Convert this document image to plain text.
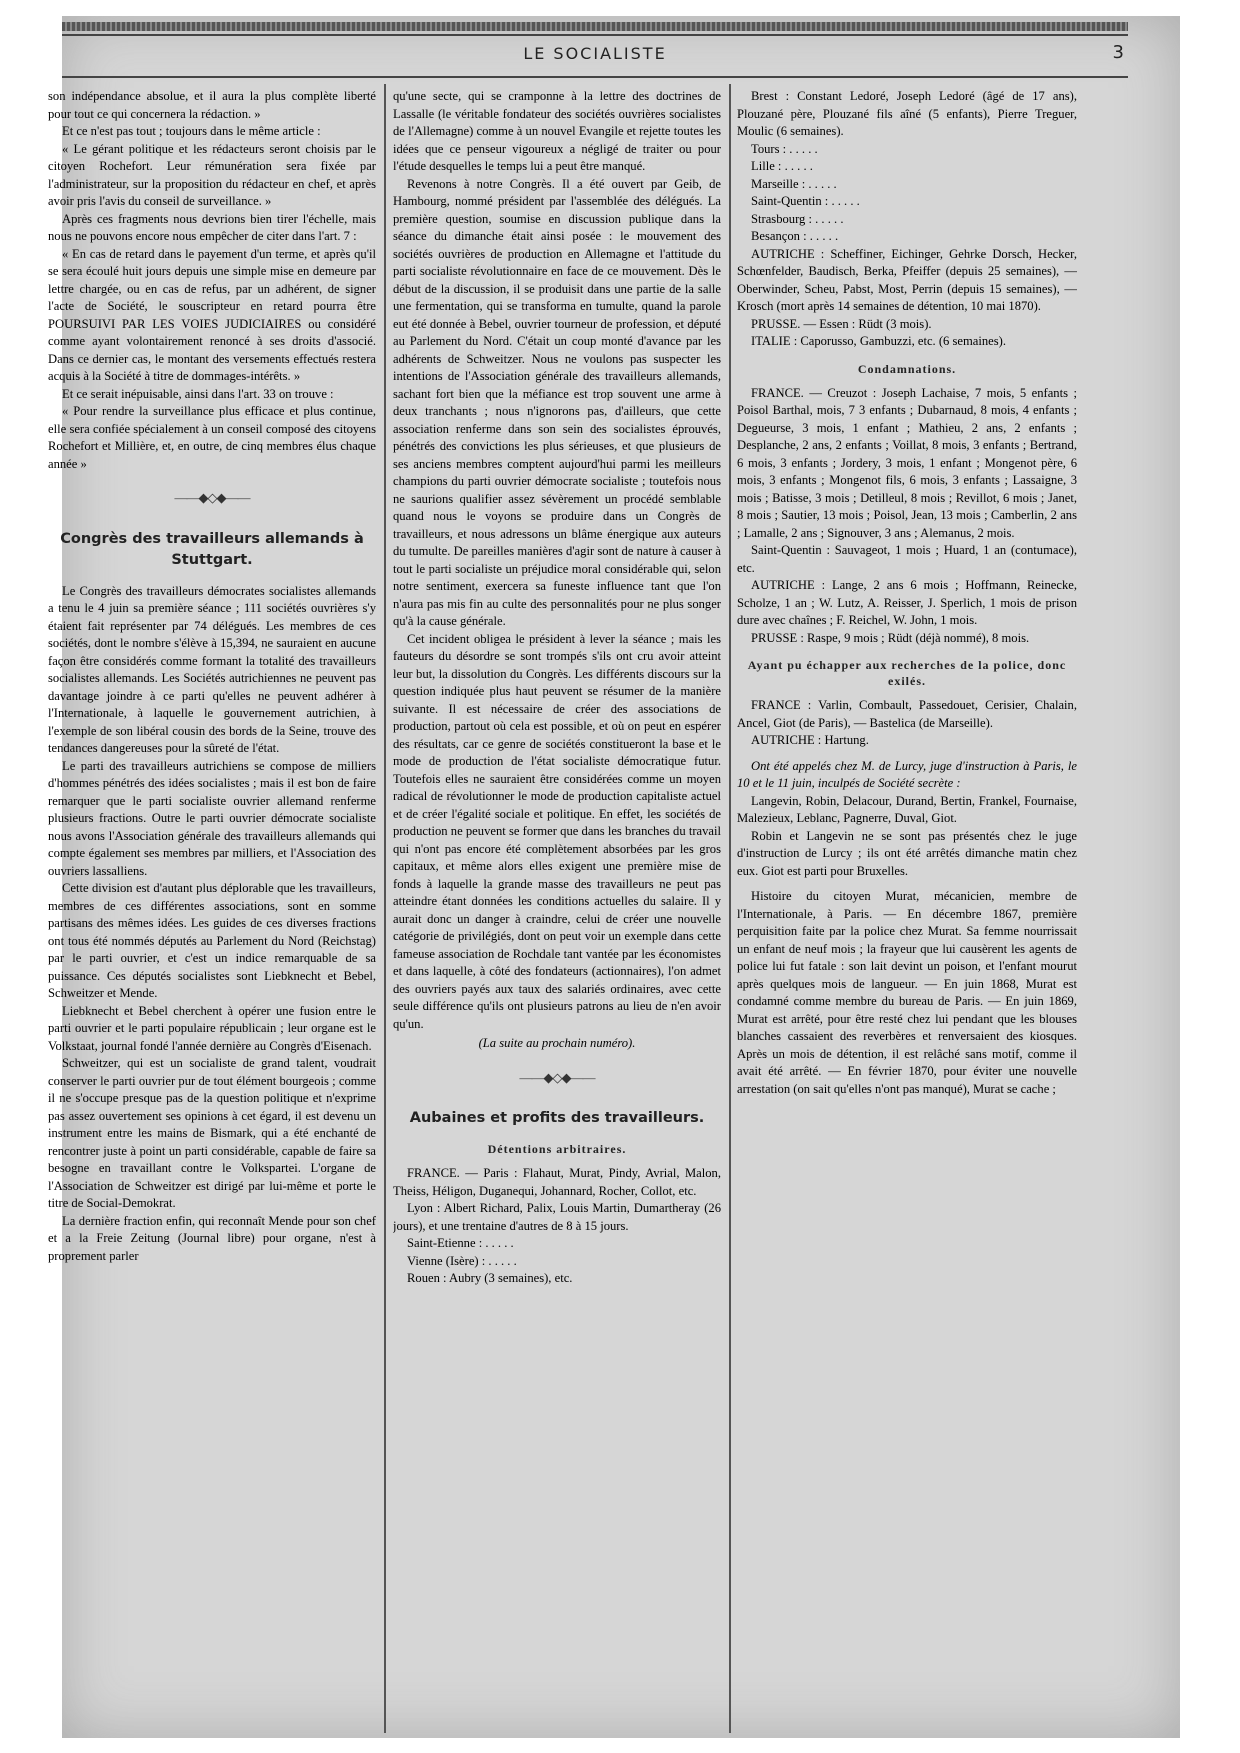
LE SOCIALISTE	3

son indépendance absolue, et il aura la plus complète liberté pour tout ce qui concernera la rédaction. »

Et ce n'est pas tout ; toujours dans le même article :

« Le gérant politique et les rédacteurs seront choisis par le citoyen Rochefort. Leur rémunération sera fixée par l'administrateur, sur la proposition du rédacteur en chef, et après avoir pris l'avis du conseil de surveillance. »

Après ces fragments nous devrions bien tirer l'échelle, mais nous ne pouvons encore nous empêcher de citer dans l'art. 7 :

« En cas de retard dans le payement d'un terme, et après qu'il se sera écoulé huit jours depuis une simple mise en demeure par lettre chargée, ou en cas de refus, par un adhérent, de signer l'acte de Société, le souscripteur en retard pourra être POURSUIVI PAR LES VOIES JUDICIAIRES ou considéré comme ayant volontairement renoncé à ses droits d'associé. Dans ce dernier cas, le montant des versements effectués restera acquis à la Société à titre de dommages-intérêts. »

Et ce serait inépuisable, ainsi dans l'art. 33 on trouve :

« Pour rendre la surveillance plus efficace et plus continue, elle sera confiée spécialement à un conseil composé des citoyens Rochefort et Millière, et, en outre, de cinq membres élus chaque année »

——◆◇◆——
Congrès des travailleurs allemands à Stuttgart.

Le Congrès des travailleurs démocrates socialistes allemands a tenu le 4 juin sa première séance ; 111 sociétés ouvrières s'y étaient fait représenter par 74 délégués. Les membres de ces sociétés, dont le nombre s'élève à 15,394, ne sauraient en aucune façon être considérés comme formant la totalité des travailleurs socialistes allemands. Les Sociétés autrichiennes ne peuvent pas davantage joindre à ce parti qu'elles ne peuvent adhérer à l'Internationale, à laquelle le gouvernement autrichien, à l'exemple de son libéral cousin des bords de la Seine, trouve des tendances dangereuses pour la sûreté de l'état.

Le parti des travailleurs autrichiens se compose de milliers d'hommes pénétrés des idées socialistes ; mais il est bon de faire remarquer que le parti socialiste ouvrier allemand renferme plusieurs fractions. Outre le parti ouvrier démocrate socialiste nous avons l'Association générale des travailleurs allemands qui compte également ses membres par milliers, et l'Association des ouvriers lassalliens.

Cette division est d'autant plus déplorable que les travailleurs, membres de ces différentes associations, sont en somme partisans des mêmes idées. Les guides de ces diverses fractions ont tous été nommés députés au Parlement du Nord (Reichstag) par le parti ouvrier, et c'est un indice remarquable de sa puissance. Ces députés socialistes sont Liebknecht et Bebel, Schweitzer et Mende.

Liebknecht et Bebel cherchent à opérer une fusion entre le parti ouvrier et le parti populaire républicain ; leur organe est le Volkstaat, journal fondé l'année dernière au Congrès d'Eisenach.

Schweitzer, qui est un socialiste de grand talent, voudrait conserver le parti ouvrier pur de tout élément bourgeois ; comme il ne s'occupe presque pas de la question politique et n'exprime pas assez ouvertement ses opinions à cet égard, il est devenu un instrument entre les mains de Bismark, qui a été enchanté de rencontrer juste à point un parti considérable, capable de faire sa besogne en travaillant contre le Volkspartei. L'organe de l'Association de Schweitzer est dirigé par lui-même et porte le titre de Social-Demokrat.

La dernière fraction enfin, qui reconnaît Mende pour son chef et a la Freie Zeitung (Journal libre) pour organe, n'est à proprement parler

qu'une secte, qui se cramponne à la lettre des doctrines de Lassalle (le véritable fondateur des sociétés ouvrières socialistes de l'Allemagne) comme à un nouvel Evangile et rejette toutes les idées que ce penseur vigoureux a négligé de traiter ou pour l'étude desquelles le temps lui a peut être manqué.

Revenons à notre Congrès. Il a été ouvert par Geib, de Hambourg, nommé président par l'assemblée des délégués. La première question, soumise en discussion publique dans la séance du dimanche était ainsi posée : le mouvement des sociétés ouvrières de production en Allemagne et l'attitude du parti socialiste révolutionnaire en face de ce mouvement. Dès le début de la discussion, il se produisit dans une partie de la salle une fermentation, qui se transforma en tumulte, quand la parole eut été donnée à Bebel, ouvrier tourneur de profession, et député au Parlement du Nord. C'était un coup monté d'avance par les adhérents de Schweitzer. Nous ne voulons pas suspecter les intentions de l'Association générale des travailleurs allemands, sachant fort bien que la méfiance est trop souvent une arme à deux tranchants ; nous n'ignorons pas, d'ailleurs, que cette association renferme dans son sein des socialistes éprouvés, pénétrés des convictions les plus sérieuses, et que plusieurs de ses anciens membres comptent aujourd'hui parmi les meilleurs champions du parti ouvrier démocrate socialiste ; toutefois nous ne saurions qualifier assez sévèrement un procédé semblable quand nous le voyons se produire dans un Congrès de travailleurs, et nous adressons un blâme énergique aux auteurs du tumulte. De pareilles manières d'agir sont de nature à causer à tout le parti socialiste un préjudice moral considérable qui, selon notre sentiment, exercera sa funeste influence tant que l'on n'aura pas mis fin au culte des personnalités pour ne plus songer qu'à la cause générale.

Cet incident obligea le président à lever la séance ; mais les fauteurs du désordre se sont trompés s'ils ont cru avoir atteint leur but, la dissolution du Congrès. Les différents discours sur la question indiquée plus haut peuvent se résumer de la manière suivante. Il est nécessaire de créer des associations de production, partout où cela est possible, et où on peut en espérer des résultats, car ce genre de sociétés constitueront la base et le mode de production de l'état socialiste démocratique futur. Toutefois elles ne sauraient être considérées comme un moyen radical de révolutionner le mode de production capitaliste actuel et de créer l'égalité sociale et politique. En effet, les sociétés de production ne peuvent se former que dans les branches du travail qui n'ont pas encore été complètement absorbées par les gros capitaux, et même alors elles exigent une première mise de fonds à laquelle la grande masse des travailleurs ne peut pas atteindre étant données les conditions actuelles du salaire. Il y aurait donc un danger à craindre, celui de créer une nouvelle catégorie de privilégiés, dont on peut voir un exemple dans cette fameuse association de Rochdale tant vantée par les économistes et dans laquelle, à côté des fondateurs (actionnaires), l'on admet des ouvriers payés aux taux des salariés ordinaires, avec cette seule différence qu'ils ont plusieurs patrons au lieu de n'en avoir qu'un.

(La suite au prochain numéro).
——◆◇◆——
Aubaines et profits des travailleurs.
Détentions arbitraires.

FRANCE. — Paris : Flahaut, Murat, Pindy, Avrial, Malon, Theiss, Héligon, Duganequi, Johannard, Rocher, Collot, etc.

Lyon : Albert Richard, Palix, Louis Martin, Dumartheray (26 jours), et une trentaine d'autres de 8 à 15 jours.

Saint-Etienne : . . . . .

Vienne (Isère) : . . . . .

Rouen : Aubry (3 semaines), etc.

Brest : Constant Ledoré, Joseph Ledoré (âgé de 17 ans), Plouzané père, Plouzané fils aîné (5 enfants), Pierre Treguer, Moulic (6 semaines).

Tours : . . . . .

Lille : . . . . .

Marseille : . . . . .

Saint-Quentin : . . . . .

Strasbourg : . . . . .

Besançon : . . . . .

AUTRICHE : Scheffiner, Eichinger, Gehrke Dorsch, Hecker, Schœnfelder, Baudisch, Berka, Pfeiffer (depuis 25 semaines), — Oberwinder, Scheu, Pabst, Most, Perrin (depuis 15 semaines), — Krosch (mort après 14 semaines de détention, 10 mai 1870).

PRUSSE. — Essen : Rüdt (3 mois).

ITALIE : Caporusso, Gambuzzi, etc. (6 semaines).

Condamnations.

FRANCE. — Creuzot : Joseph Lachaise, 7 mois, 5 enfants ; Poisol Barthal, mois, 7 3 enfants ; Dubarnaud, 8 mois, 4 enfants ; Degueurse, 3 mois, 1 enfant ; Mathieu, 2 ans, 2 enfants ; Desplanche, 2 ans, 2 enfants ; Voillat, 8 mois, 3 enfants ; Bertrand, 6 mois, 3 enfants ; Jordery, 3 mois, 1 enfant ; Mongenot père, 6 mois, 3 enfants ; Mongenot fils, 6 mois, 3 enfants ; Lassaigne, 3 mois ; Batisse, 3 mois ; Detilleul, 8 mois ; Revillot, 6 mois ; Janet, 8 mois ; Sautier, 13 mois ; Poisol, Jean, 13 mois ; Camberlin, 2 ans ; Lamalle, 2 ans ; Signouver, 3 ans ; Alemanus, 2 mois.

Saint-Quentin : Sauvageot, 1 mois ; Huard, 1 an (contumace), etc.

AUTRICHE : Lange, 2 ans 6 mois ; Hoffmann, Reinecke, Scholze, 1 an ; W. Lutz, A. Reisser, J. Sperlich, 1 mois de prison dure avec chaînes ; F. Reichel, W. John, 1 mois.

PRUSSE : Raspe, 9 mois ; Rüdt (déjà nommé), 8 mois.

Ayant pu échapper aux recherches de la police, donc exilés.

FRANCE : Varlin, Combault, Passedouet, Cerisier, Chalain, Ancel, Giot (de Paris), — Bastelica (de Marseille).

AUTRICHE : Hartung.

Ont été appelés chez M. de Lurcy, juge d'instruction à Paris, le 10 et le 11 juin, inculpés de Société secrète :

Langevin, Robin, Delacour, Durand, Bertin, Frankel, Fournaise, Malezieux, Leblanc, Pagnerre, Duval, Giot.

Robin et Langevin ne se sont pas présentés chez le juge d'instruction de Lurcy ; ils ont été arrêtés dimanche matin chez eux. Giot est parti pour Bruxelles.

Histoire du citoyen Murat, mécanicien, membre de l'Internationale, à Paris. — En décembre 1867, première perquisition faite par la police chez Murat. Sa femme nourrissait un enfant de neuf mois ; la frayeur que lui causèrent les agents de police lui fut fatale : son lait devint un poison, et l'enfant mourut après quelques mois de langueur. — En juin 1868, Murat est condamné comme membre du bureau de Paris. — En juin 1869, Murat est arrêté, pour être resté chez lui pendant que les blouses blanches cassaient des reverbères et renversaient des kiosques. Après un mois de détention, il est relâché sans motif, comme il avait été arrêté. — En février 1870, pour éviter une nouvelle arrestation (on sait qu'elles n'ont pas manqué), Murat se cache ;
